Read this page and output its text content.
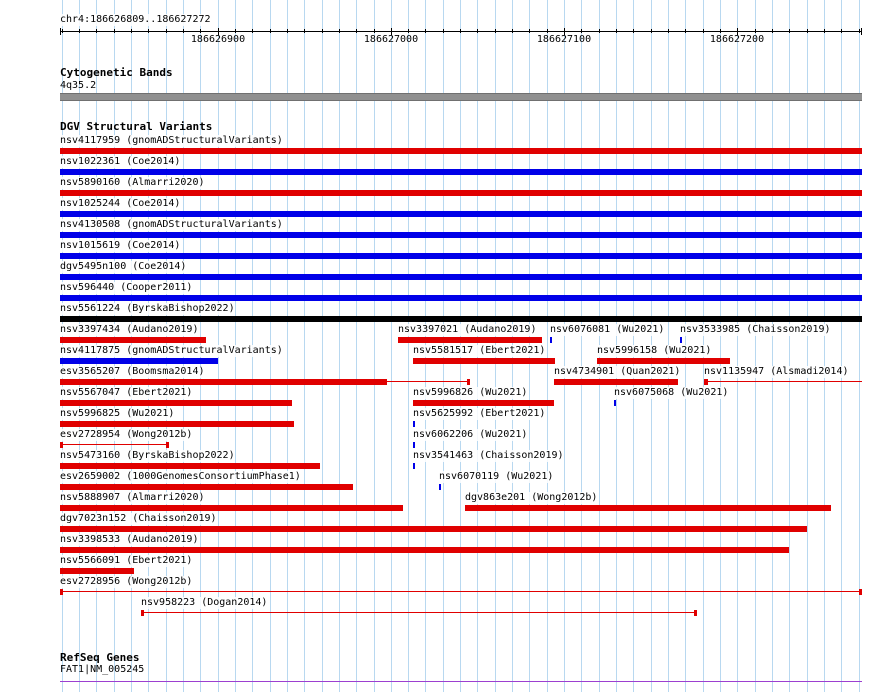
chr4:186626809..186627272
186626900	186627000	186627100	186627200
Cytogenetic Bands
4q35.2
DGV Structural Variants
nsv4117959 (gnomADStructuralVariants)
nsv1022361 (Coe2014)
nsv5890160 (Almarri2020)
nsv1025244 (Coe2014)
nsv4130508 (gnomADStructuralVariants)
nsv1015619 (Coe2014)
dgv5495n100 (Coe2014)
nsv596440 (Cooper2011)
nsv5561224 (ByrskaBishop2022)
nsv3397434 (Audano2019)	nsv3397021 (Audano2019) nsv6076081 (Wu2021) nsv3533985 (Chaisson2019)
nsv4117875 (gnomADStructuralVariants)	nsv5581517 (Ebert2021)	nsv5996158 (Wu2021)
esv3565207 (Boomsma2014)	nsv4734901 (Quan2021) nsv1135947 (Alsmadi2014)
nsv5567047 (Ebert2021)	nsv5996826 (Wu2021)	nsv6075068 (Wu2021)
nsv5996825 (Wu2021)	nsv5625992 (Ebert2021)
esv2728954 (Wong2012b)	nsv6062206 (Wu2021)
nsv5473160 (ByrskaBishop2022)	nsv3541463 (Chaisson2019)
esv2659002 (1000GenomesConsortiumPhase1)	nsv6070119 (Wu2021)
nsv5888907 (Almarri2020)	dgv863e201 (Wong2012b)
dgv7023n152 (Chaisson2019)
nsv3398533 (Audano2019)
nsv5566091 (Ebert2021)
esv2728956 (Wong2012b)
nsv958223 (Dogan2014)
RefSeq Genes
FAT1|NM_005245
